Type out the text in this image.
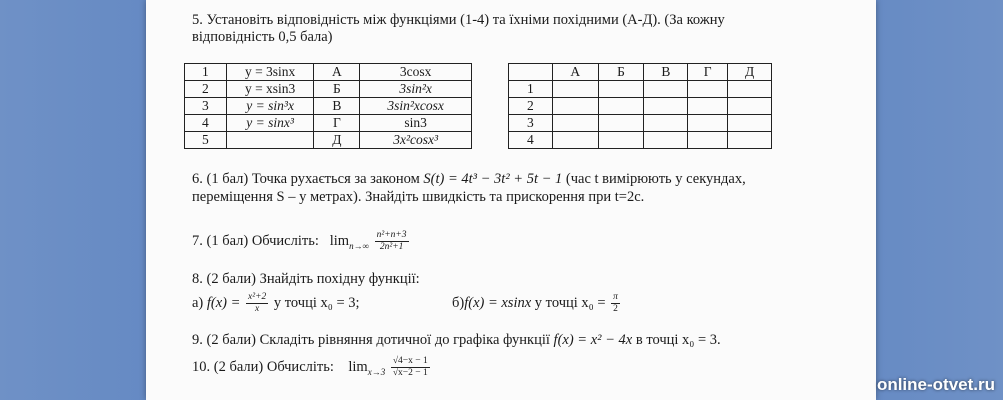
5. Установіть відповідність між функціями (1-4) та їхніми похідними (А-Д). (За кожну
відповідність 0,5 бала)
1	y = 3sinx	А	3cosx
2	y = xsin3	Б	3sin²x
3	y = sin³x	В	3sin²xcosx
4	y = sinx³	Г	sin3
5		Д	3x²cosx³
	А	Б	В	Г	Д
1					
2					
3					
4					
6. (1 бал) Точка рухається за законом S(t) = 4t³ − 3t² + 5t − 1 (час t вимірюють у секундах,
переміщення S – у метрах). Знайдіть швидкість та прискорення при t=2с.
7. (1 бал) Обчисліть: $\lim_{n\to\infty} \frac{\text{n²+n+3}}{\text{2n²+1}}$
8. (2 бали) Знайдіть похідну функції:
а) $f(x) = \frac{\text{x²+2}}{x}$ у точці x₀ = 3;	б)f(x) = xsinx у точці $x_0 = \frac{\pi}{2}$
9. (2 бали) Складіть рівняння дотичної до графіка функції f(x) = x² − 4x в точці x₀ = 3.
10. (2 бали) Обчисліть: $\lim_{x\to 3} \frac{√4-x - 1}{√x-2 - 1}$
online-otvet.ru
